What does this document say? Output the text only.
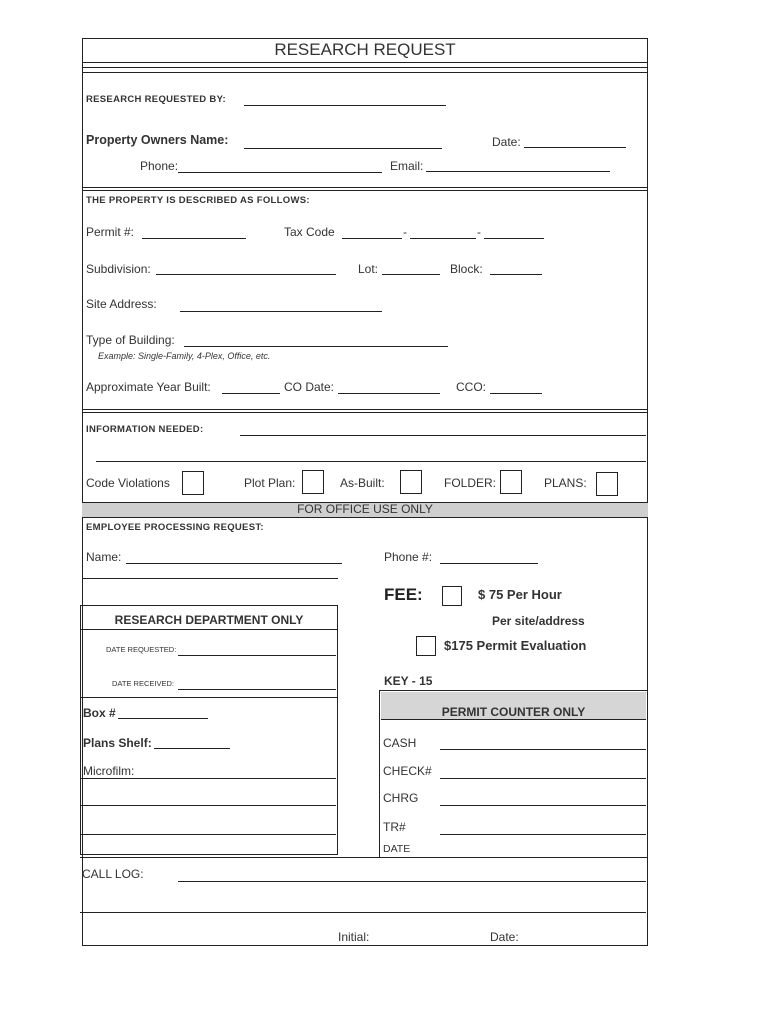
RESEARCH REQUEST
RESEARCH REQUESTED BY:
Property Owners Name:	Date:
Phone:	Email:
THE PROPERTY IS DESCRIBED AS FOLLOWS:
Permit #:	Tax Code	-	-
Subdivision:	Lot:	Block:
Site Address:
Type of Building:
Example: Single-Family, 4-Plex, Office, etc.
Approximate Year Built:	CO Date:	CCO:
INFORMATION NEEDED:
Code Violations	Plot Plan:	As-Built:	FOLDER:	PLANS:
FOR OFFICE USE ONLY
EMPLOYEE PROCESSING REQUEST:
Name:	Phone #:
RESEARCH DEPARTMENT ONLY
DATE REQUESTED:
DATE RECEIVED:
Box #
Plans Shelf:
Microfilm:
FEE:	$ 75 Per Hour
Per site/address
$175 Permit Evaluation
KEY - 15
PERMIT COUNTER ONLY
CASH
CHECK#
CHRG
TR#
DATE
CALL LOG:
Initial:	Date:
